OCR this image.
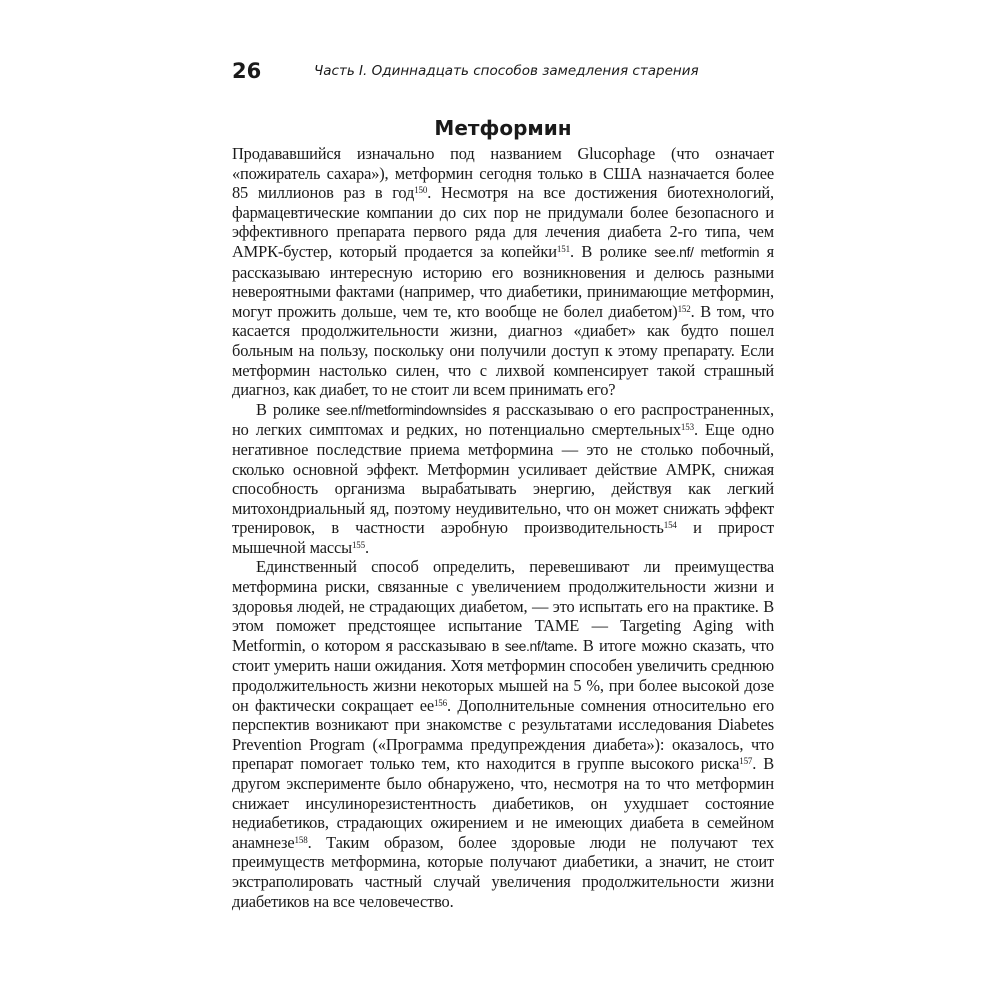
26	Часть I. Одиннадцать способов замедления старения
Метформин

Продававшийся изначально под названием Glucophage (что означает «пожиратель сахара»), метформин сегодня только в США назначается более 85 миллионов раз в год$^{150}$. Несмотря на все достижения биотехнологий, фармацевтические компании до сих пор не придумали более безопасного и эффективного препарата первого ряда для лечения диабета 2-го типа, чем АМРК-бустер, который продается за копейки$^{151}$. В ролике see.nf/ metformin я рассказываю интересную историю его возникновения и делюсь разными невероятными фактами (например, что диабетики, принимающие метформин, могут прожить дольше, чем те, кто вообще не болел диабетом)$^{152}$. В том, что касается продолжительности жизни, диагноз «диабет» как будто пошел больным на пользу, поскольку они получили доступ к этому препарату. Если метформин настолько силен, что с лихвой компенсирует такой страшный диагноз, как диабет, то не стоит ли всем принимать его?

В ролике see.nf/metformindownsides я рассказываю о его распространенных, но легких симптомах и редких, но потенциально смертельных$^{153}$. Еще одно негативное последствие приема метформина — это не столько побочный, сколько основной эффект. Метформин усиливает действие АМРК, снижая способность организма вырабатывать энергию, действуя как легкий митохондриальный яд, поэтому неудивительно, что он может снижать эффект тренировок, в частности аэробную производительность$^{154}$ и прирост мышечной массы$^{155}$.

Единственный способ определить, перевешивают ли преимущества метформина риски, связанные с увеличением продолжительности жизни и здоровья людей, не страдающих диабетом, — это испытать его на практике. В этом поможет предстоящее испытание TAME — Targeting Aging with Metformin, о котором я рассказываю в see.nf/tame. В итоге можно сказать, что стоит умерить наши ожидания. Хотя метформин способен увеличить среднюю продолжительность жизни некоторых мышей на 5 %, при более высокой дозе он фактически сокращает $ее^{156}$. Дополнительные сомнения относительно его перспектив возникают при знакомстве с результатами исследования Diabetes Prevention Program («Программа предупреждения диабета»): оказалось, что препарат помогает только тем, кто находится в группе высокого риска$^{157}$. В другом эксперименте было обнаружено, что, несмотря на то что метформин снижает инсулинорезистентность диабетиков, он ухудшает состояние недиабетиков, страдающих ожирением и не имеющих диабета в семейном анамнезе$^{158}$. Таким образом, более здоровые люди не получают тех преимуществ метформина, которые получают диабетики, а значит, не стоит экстраполировать частный случай увеличения продолжительности жизни диабетиков на все человечество.
